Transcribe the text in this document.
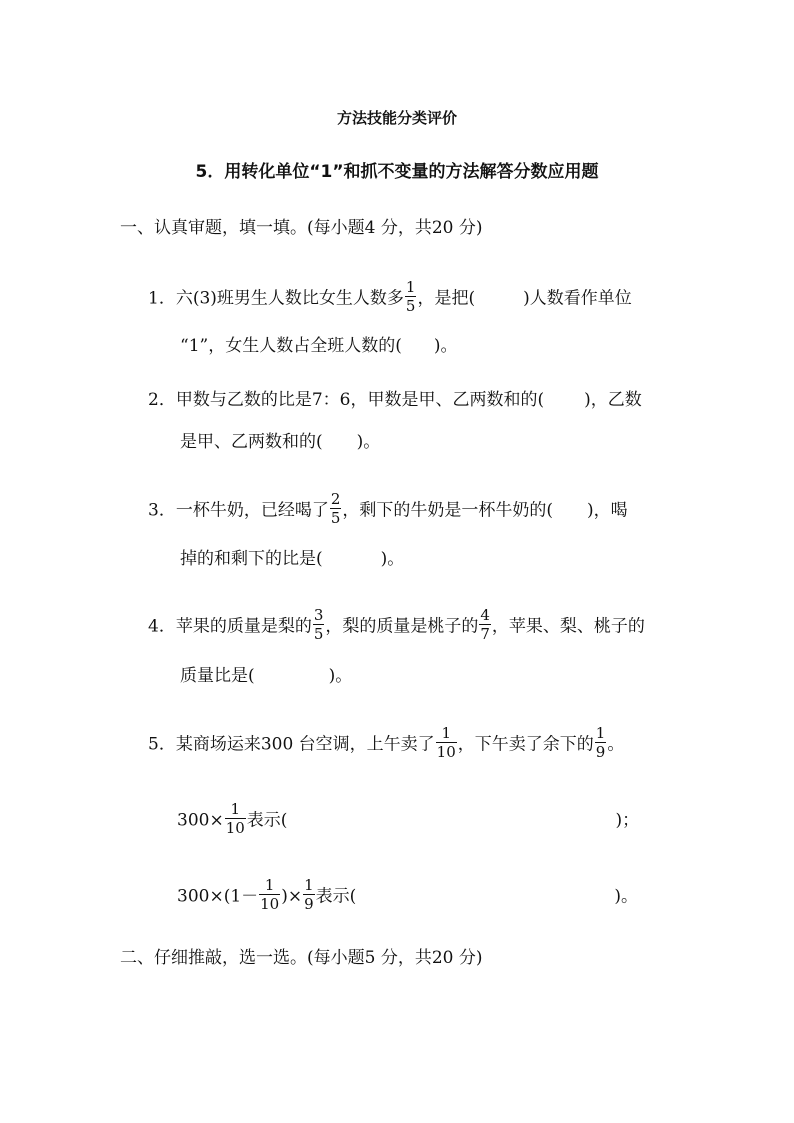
方法技能分类评价
5．用转化单位“1”和抓不变量的方法解答分数应用题
一、认真审题，填一填。(每小题4 分，共20 分)
1．六(3)班男生人数比女生人数多 $\frac{1}{5}$ ，是把(	)人数看作单位
“1”，女生人数占全班人数的( )。
2．甲数与乙数的比是7：6，甲数是甲、乙两数和的( )，乙数
是甲、乙两数和的( )。
3．一杯牛奶，已经喝了 $\frac{2}{5}$ ，剩下的牛奶是一杯牛奶的( )，喝
掉的和剩下的比是(	)。
4．苹果的质量是梨的 $\frac{3}{5}$ ，梨的质量是桃子的 $\frac{4}{7}$ ，苹果、梨、桃子的
质量比是(	)。
5．某商场运来300 台空调，上午卖了 $\frac{1}{10}$ ，下午卖了余下的 $\frac{1}{9}$ 。
$300\times \frac{1}{10}$ 表示(	)；
$300\times(1- \frac{1}{10}$ )× $\frac{1}{9}$ 表示(	)。
二、仔细推敲，选一选。(每小题5 分，共20 分)
